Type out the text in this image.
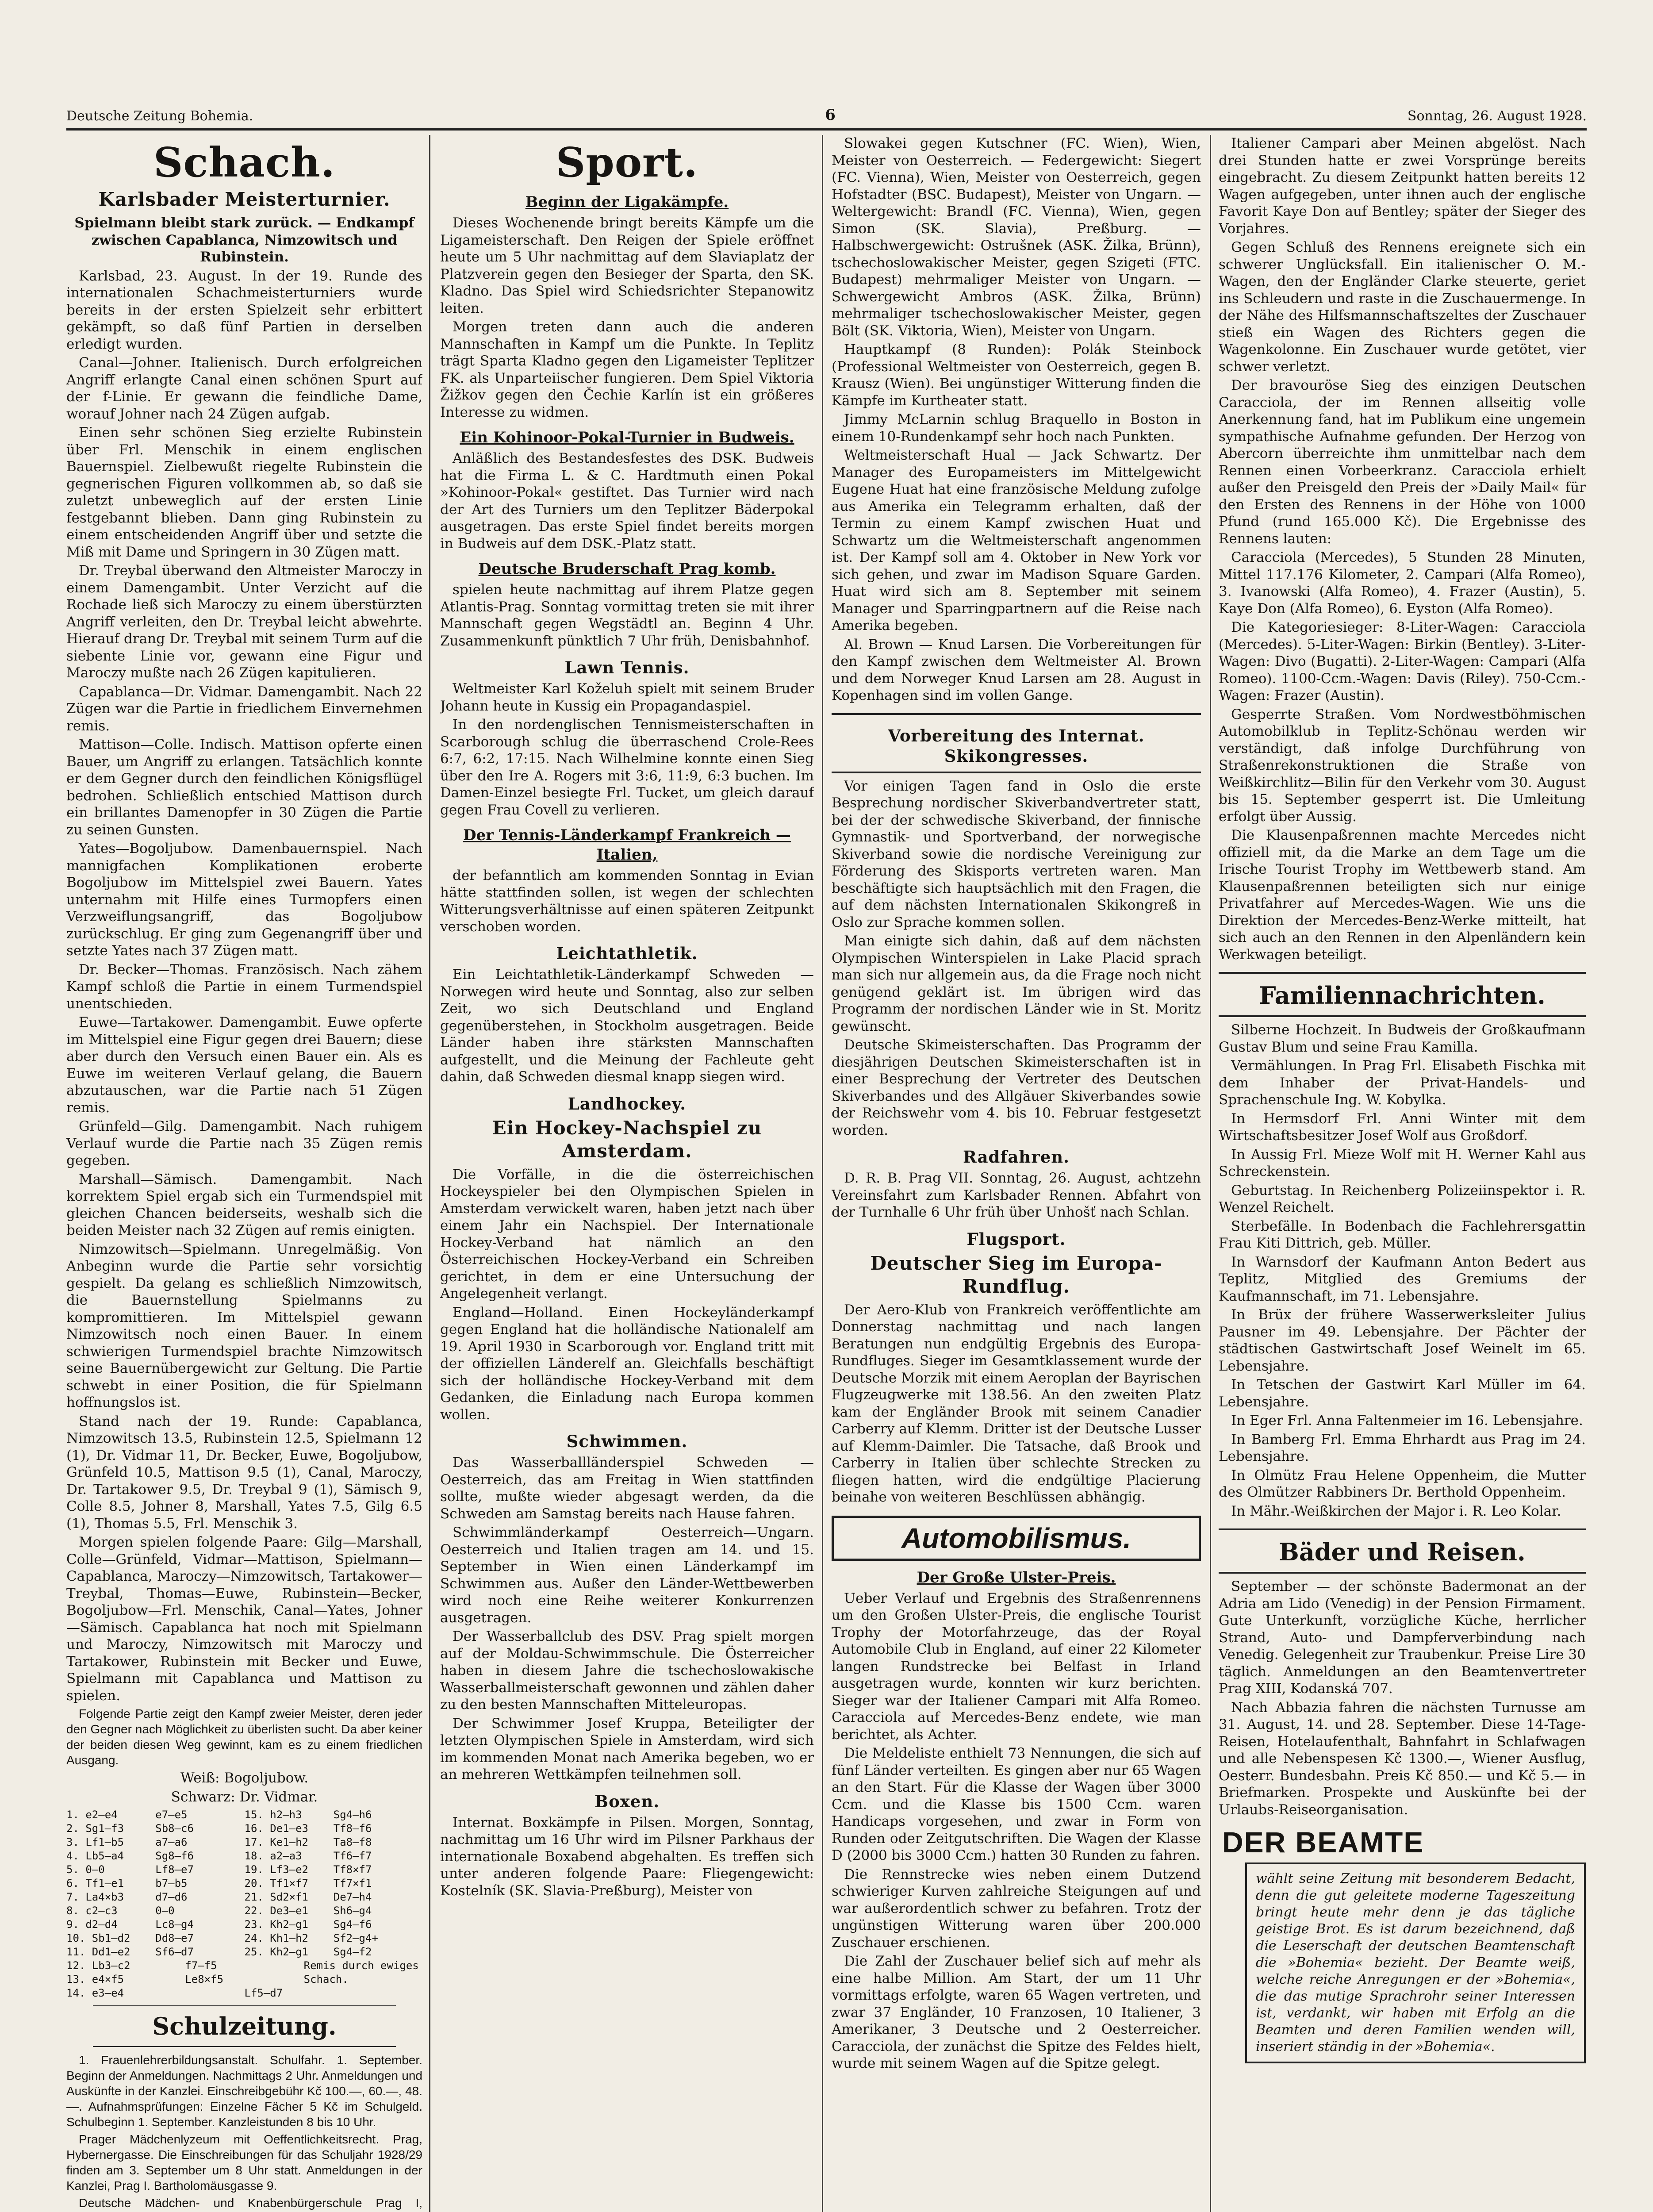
Deutsche Zeitung Bohemia.	6	Sonntag, 26. August 1928.
Schach.
Karlsbader Meisterturnier.

Spielmann bleibt stark zurück. — Endkampf zwischen Capablanca, Nimzowitsch und Rubinstein.

Karlsbad, 23. August. In der 19. Runde des internationalen Schachmeisterturniers wurde bereits in der ersten Spielzeit sehr erbittert gekämpft, so daß fünf Partien in derselben erledigt wurden.

Canal—Johner. Italienisch. Durch erfolgreichen Angriff erlangte Canal einen schönen Spurt auf der f-Linie. Er gewann die feindliche Dame, worauf Johner nach 24 Zügen aufgab.

Einen sehr schönen Sieg erzielte Rubinstein über Frl. Menschik in einem englischen Bauernspiel. Zielbewußt riegelte Rubinstein die gegnerischen Figuren vollkommen ab, so daß sie zuletzt unbeweglich auf der ersten Linie festgebannt blieben. Dann ging Rubinstein zu einem entscheidenden Angriff über und setzte die Miß mit Dame und Springern in 30 Zügen matt.

Dr. Treybal überwand den Altmeister Maroczy in einem Damengambit. Unter Verzicht auf die Rochade ließ sich Maroczy zu einem überstürzten Angriff verleiten, den Dr. Treybal leicht abwehrte. Hierauf drang Dr. Treybal mit seinem Turm auf die siebente Linie vor, gewann eine Figur und Maroczy mußte nach 26 Zügen kapitulieren.

Capablanca—Dr. Vidmar. Damengambit. Nach 22 Zügen war die Partie in friedlichem Einvernehmen remis.

Mattison—Colle. Indisch. Mattison opferte einen Bauer, um Angriff zu erlangen. Tatsächlich konnte er dem Gegner durch den feindlichen Königsflügel bedrohen. Schließlich entschied Mattison durch ein brillantes Damenopfer in 30 Zügen die Partie zu seinen Gunsten.

Yates—Bogoljubow. Damenbauernspiel. Nach mannigfachen Komplikationen eroberte Bogoljubow im Mittelspiel zwei Bauern. Yates unternahm mit Hilfe eines Turmopfers einen Verzweiflungsangriff, das Bogoljubow zurückschlug. Er ging zum Gegenangriff über und setzte Yates nach 37 Zügen matt.

Dr. Becker—Thomas. Französisch. Nach zähem Kampf schloß die Partie in einem Turmendspiel unentschieden.

Euwe—Tartakower. Damengambit. Euwe opferte im Mittelspiel eine Figur gegen drei Bauern; diese aber durch den Versuch einen Bauer ein. Als es Euwe im weiteren Verlauf gelang, die Bauern abzutauschen, war die Partie nach 51 Zügen remis.

Grünfeld—Gilg. Damengambit. Nach ruhigem Verlauf wurde die Partie nach 35 Zügen remis gegeben.

Marshall—Sämisch. Damengambit. Nach korrektem Spiel ergab sich ein Turmendspiel mit gleichen Chancen beiderseits, weshalb sich die beiden Meister nach 32 Zügen auf remis einigten.

Nimzowitsch—Spielmann. Unregelmäßig. Von Anbeginn wurde die Partie sehr vorsichtig gespielt. Da gelang es schließlich Nimzowitsch, die Bauernstellung Spielmanns zu kompromittieren. Im Mittelspiel gewann Nimzowitsch noch einen Bauer. In einem schwierigen Turmendspiel brachte Nimzowitsch seine Bauernübergewicht zur Geltung. Die Partie schwebt in einer Position, die für Spielmann hoffnungslos ist.

Stand nach der 19. Runde: Capablanca, Nimzowitsch 13.5, Rubinstein 12.5, Spielmann 12 (1), Dr. Vidmar 11, Dr. Becker, Euwe, Bogoljubow, Grünfeld 10.5, Mattison 9.5 (1), Canal, Maroczy, Dr. Tartakower 9.5, Dr. Treybal 9 (1), Sämisch 9, Colle 8.5, Johner 8, Marshall, Yates 7.5, Gilg 6.5 (1), Thomas 5.5, Frl. Menschik 3.

Morgen spielen folgende Paare: Gilg—Marshall, Colle—Grünfeld, Vidmar—Mattison, Spielmann—Capablanca, Maroczy—Nimzowitsch, Tartakower—Treybal, Thomas—Euwe, Rubinstein—Becker, Bogoljubow—Frl. Menschik, Canal—Yates, Johner—Sämisch. Capablanca hat noch mit Spielmann und Maroczy, Nimzowitsch mit Maroczy und Tartakower, Rubinstein mit Becker und Euwe, Spielmann mit Capablanca und Mattison zu spielen.

Folgende Partie zeigt den Kampf zweier Meister, deren jeder den Gegner nach Möglichkeit zu überlisten sucht. Da aber keiner der beiden diesen Weg gewinnt, kam es zu einem friedlichen Ausgang.

Weiß: Bogoljubow.

Schwarz: Dr. Vidmar.

1. e2—e4	e7—e5	15. h2—h3	Sg4—h6
2. Sg1—f3	Sb8—c6	16. De1—e3	Tf8—f6
3. Lf1—b5	a7—a6	17. Ke1—h2	Ta8—f8
4. Lb5—a4	Sg8—f6	18. a2—a3	Tf6—f7
5. 0—0	Lf8—e7	19. Lf3—e2	Tf8×f7
6. Tf1—e1	b7—b5	20. Tf1×f7	Tf7×f1
7. La4×b3	d7—d6	21. Sd2×f1	De7—h4
8. c2—c3	0—0	22. De3—e1	Sh6—g4
9. d2—d4	Lc8—g4	23. Kh2—g1	Sg4—f6
10. Sb1—d2	Dd8—e7	24. Kh1—h2	Sf2—g4+
11. Dd1—e2	Sf6—d7	25. Kh2—g1	Sg4—f2
12. Lb3—c2	f7—f5	Remis durch ewiges
13. e4×f5	Le8×f5	Schach.
14. e3—e4	Lf5—d7
Schulzeitung.

1. Frauenlehrerbildungsanstalt. Schulfahr. 1. September. Beginn der Anmeldungen. Nachmittags 2 Uhr. Anmeldungen und Auskünfte in der Kanzlei. Einschreibgebühr Kč 100.—, 60.—, 48.—. Aufnahmsprüfungen: Einzelne Fächer 5 Kč im Schulgeld. Schulbeginn 1. September. Kanzleistunden 8 bis 10 Uhr.

Prager Mädchenlyzeum mit Oeffentlichkeitsrecht. Prag, Hybernergasse. Die Einschreibungen für das Schuljahr 1928/29 finden am 3. September um 8 Uhr statt. Anmeldungen in der Kanzlei, Prag I. Bartholomäusgasse 9.

Deutsche Mädchen- und Knabenbürgerschule Prag I,

Sport.
Beginn der Ligakämpfe.

Dieses Wochenende bringt bereits Kämpfe um die Ligameisterschaft. Den Reigen der Spiele eröffnet heute um 5 Uhr nachmittag auf dem Slaviaplatz der Platzverein gegen den Besieger der Sparta, den SK. Kladno. Das Spiel wird Schiedsrichter Stepanowitz leiten.

Morgen treten dann auch die anderen Mannschaften in Kampf um die Punkte. In Teplitz trägt Sparta Kladno gegen den Ligameister Teplitzer FK. als Unparteiischer fungieren. Dem Spiel Viktoria Žižkov gegen den Čechie Karlín ist ein größeres Interesse zu widmen.

Ein Kohinoor-Pokal-Turnier in Budweis.

Anläßlich des Bestandesfestes des DSK. Budweis hat die Firma L. & C. Hardtmuth einen Pokal »Kohinoor-Pokal« gestiftet. Das Turnier wird nach der Art des Turniers um den Teplitzer Bäderpokal ausgetragen. Das erste Spiel findet bereits morgen in Budweis auf dem DSK.-Platz statt.

Deutsche Bruderschaft Prag komb.

spielen heute nachmittag auf ihrem Platze gegen Atlantis-Prag. Sonntag vormittag treten sie mit ihrer Mannschaft gegen Wegstädtl an. Beginn 4 Uhr. Zusammenkunft pünktlich 7 Uhr früh, Denisbahnhof.

Lawn Tennis.

Weltmeister Karl Koželuh spielt mit seinem Bruder Johann heute in Kussig ein Propagandaspiel.

In den nordenglischen Tennismeisterschaften in Scarborough schlug die überraschend Crole-Rees 6:7, 6:2, 17:15. Nach Wilhelmine konnte einen Sieg über den Ire A. Rogers mit 3:6, 11:9, 6:3 buchen. Im Damen-Einzel besiegte Frl. Tucket, um gleich darauf gegen Frau Covell zu verlieren.

Der Tennis-Länderkampf Frankreich — Italien,

der befanntlich am kommenden Sonntag in Evian hätte stattfinden sollen, ist wegen der schlechten Witterungsverhältnisse auf einen späteren Zeitpunkt verschoben worden.

Leichtathletik.

Ein Leichtathletik-Länderkampf Schweden — Norwegen wird heute und Sonntag, also zur selben Zeit, wo sich Deutschland und England gegenüberstehen, in Stockholm ausgetragen. Beide Länder haben ihre stärksten Mannschaften aufgestellt, und die Meinung der Fachleute geht dahin, daß Schweden diesmal knapp siegen wird.

Landhockey.
Ein Hockey-Nachspiel zu Amsterdam.

Die Vorfälle, in die die österreichischen Hockeyspieler bei den Olympischen Spielen in Amsterdam verwickelt waren, haben jetzt nach über einem Jahr ein Nachspiel. Der Internationale Hockey-Verband hat nämlich an den Österreichischen Hockey-Verband ein Schreiben gerichtet, in dem er eine Untersuchung der Angelegenheit verlangt.

England—Holland. Einen Hockeyländerkampf gegen England hat die holländische Nationalelf am 19. April 1930 in Scarborough vor. England tritt mit der offiziellen Länderelf an. Gleichfalls beschäftigt sich der holländische Hockey-Verband mit dem Gedanken, die Einladung nach Europa kommen wollen.

Schwimmen.

Das Wasserballländerspiel Schweden — Oesterreich, das am Freitag in Wien stattfinden sollte, mußte wieder abgesagt werden, da die Schweden am Samstag bereits nach Hause fahren.

Schwimmländerkampf Oesterreich—Ungarn. Oesterreich und Italien tragen am 14. und 15. September in Wien einen Länderkampf im Schwimmen aus. Außer den Länder-Wettbewerben wird noch eine Reihe weiterer Konkurrenzen ausgetragen.

Der Wasserballclub des DSV. Prag spielt morgen auf der Moldau-Schwimmschule. Die Österreicher haben in diesem Jahre die tschechoslowakische Wasserballmeisterschaft gewonnen und zählen daher zu den besten Mannschaften Mitteleuropas.

Der Schwimmer Josef Kruppa, Beteiligter der letzten Olympischen Spiele in Amsterdam, wird sich im kommenden Monat nach Amerika begeben, wo er an mehreren Wettkämpfen teilnehmen soll.

Boxen.

Internat. Boxkämpfe in Pilsen. Morgen, Sonntag, nachmittag um 16 Uhr wird im Pilsner Parkhaus der internationale Boxabend abgehalten. Es treffen sich unter anderen folgende Paare: Fliegengewicht: Kostelník (SK. Slavia-Preßburg), Meister von

Slowakei gegen Kutschner (FC. Wien), Wien, Meister von Oesterreich. — Federgewicht: Siegert (FC. Vienna), Wien, Meister von Oesterreich, gegen Hofstadter (BSC. Budapest), Meister von Ungarn. — Weltergewicht: Brandl (FC. Vienna), Wien, gegen Simon (SK. Slavia), Preßburg. — Halbschwergewicht: Ostrušnek (ASK. Žilka, Brünn), tschechoslowakischer Meister, gegen Szigeti (FTC. Budapest) mehrmaliger Meister von Ungarn. — Schwergewicht Ambros (ASK. Žilka, Brünn) mehrmaliger tschechoslowakischer Meister, gegen Bölt (SK. Viktoria, Wien), Meister von Ungarn.

Hauptkampf (8 Runden): Polák Steinbock (Professional Weltmeister von Oesterreich, gegen B. Krausz (Wien). Bei ungünstiger Witterung finden die Kämpfe im Kurtheater statt.

Jimmy McLarnin schlug Braquello in Boston in einem 10-Rundenkampf sehr hoch nach Punkten.

Weltmeisterschaft Hual — Jack Schwartz. Der Manager des Europameisters im Mittelgewicht Eugene Huat hat eine französische Meldung zufolge aus Amerika ein Telegramm erhalten, daß der Termin zu einem Kampf zwischen Huat und Schwartz um die Weltmeisterschaft angenommen ist. Der Kampf soll am 4. Oktober in New York vor sich gehen, und zwar im Madison Square Garden. Huat wird sich am 8. September mit seinem Manager und Sparringpartnern auf die Reise nach Amerika begeben.

Al. Brown — Knud Larsen. Die Vorbereitungen für den Kampf zwischen dem Weltmeister Al. Brown und dem Norweger Knud Larsen am 28. August in Kopenhagen sind im vollen Gange.

Vorbereitung des Internat. Skikongresses.

Vor einigen Tagen fand in Oslo die erste Besprechung nordischer Skiverbandvertreter statt, bei der der schwedische Skiverband, der finnische Gymnastik- und Sportverband, der norwegische Skiverband sowie die nordische Vereinigung zur Förderung des Skisports vertreten waren. Man beschäftigte sich hauptsächlich mit den Fragen, die auf dem nächsten Internationalen Skikongreß in Oslo zur Sprache kommen sollen.

Man einigte sich dahin, daß auf dem nächsten Olympischen Winterspielen in Lake Placid sprach man sich nur allgemein aus, da die Frage noch nicht genügend geklärt ist. Im übrigen wird das Programm der nordischen Länder wie in St. Moritz gewünscht.

Deutsche Skimeisterschaften. Das Programm der diesjährigen Deutschen Skimeisterschaften ist in einer Besprechung der Vertreter des Deutschen Skiverbandes und des Allgäuer Skiverbandes sowie der Reichswehr vom 4. bis 10. Februar festgesetzt worden.

Radfahren.

D. R. B. Prag VII. Sonntag, 26. August, achtzehn Vereinsfahrt zum Karlsbader Rennen. Abfahrt von der Turnhalle 6 Uhr früh über Unhošť nach Schlan.

Flugsport.
Deutscher Sieg im Europa-Rundflug.

Der Aero-Klub von Frankreich veröffentlichte am Donnerstag nachmittag und nach langen Beratungen nun endgültig Ergebnis des Europa-Rundfluges. Sieger im Gesamtklassement wurde der Deutsche Morzik mit einem Aeroplan der Bayrischen Flugzeugwerke mit 138.56. An den zweiten Platz kam der Engländer Brook mit seinem Canadier Carberry auf Klemm. Dritter ist der Deutsche Lusser auf Klemm-Daimler. Die Tatsache, daß Brook und Carberry in Italien über schlechte Strecken zu fliegen hatten, wird die endgültige Placierung beinahe von weiteren Beschlüssen abhängig.

Automobilismus.
Der Große Ulster-Preis.

Ueber Verlauf und Ergebnis des Straßenrennens um den Großen Ulster-Preis, die englische Tourist Trophy der Motorfahrzeuge, das der Royal Automobile Club in England, auf einer 22 Kilometer langen Rundstrecke bei Belfast in Irland ausgetragen wurde, konnten wir kurz berichten. Sieger war der Italiener Campari mit Alfa Romeo. Caracciola auf Mercedes-Benz endete, wie man berichtet, als Achter.

Die Meldeliste enthielt 73 Nennungen, die sich auf fünf Länder verteilten. Es gingen aber nur 65 Wagen an den Start. Für die Klasse der Wagen über 3000 Ccm. und die Klasse bis 1500 Ccm. waren Handicaps vorgesehen, und zwar in Form von Runden oder Zeitgutschriften. Die Wagen der Klasse D (2000 bis 3000 Ccm.) hatten 30 Runden zu fahren.

Die Rennstrecke wies neben einem Dutzend schwieriger Kurven zahlreiche Steigungen auf und war außerordentlich schwer zu befahren. Trotz der ungünstigen Witterung waren über 200.000 Zuschauer erschienen.

Die Zahl der Zuschauer belief sich auf mehr als eine halbe Million. Am Start, der um 11 Uhr vormittags erfolgte, waren 65 Wagen vertreten, und zwar 37 Engländer, 10 Franzosen, 10 Italiener, 3 Amerikaner, 3 Deutsche und 2 Oesterreicher. Caracciola, der zunächst die Spitze des Feldes hielt, wurde mit seinem Wagen auf die Spitze gelegt.

Italiener Campari aber Meinen abgelöst. Nach drei Stunden hatte er zwei Vorsprünge bereits eingebracht. Zu diesem Zeitpunkt hatten bereits 12 Wagen aufgegeben, unter ihnen auch der englische Favorit Kaye Don auf Bentley; später der Sieger des Vorjahres.

Gegen Schluß des Rennens ereignete sich ein schwerer Unglücksfall. Ein italienischer O. M.-Wagen, den der Engländer Clarke steuerte, geriet ins Schleudern und raste in die Zuschauermenge. In der Nähe des Hilfsmannschaftszeltes der Zuschauer stieß ein Wagen des Richters gegen die Wagenkolonne. Ein Zuschauer wurde getötet, vier schwer verletzt.

Der bravouröse Sieg des einzigen Deutschen Caracciola, der im Rennen allseitig volle Anerkennung fand, hat im Publikum eine ungemein sympathische Aufnahme gefunden. Der Herzog von Abercorn überreichte ihm unmittelbar nach dem Rennen einen Vorbeerkranz. Caracciola erhielt außer den Preisgeld den Preis der »Daily Mail« für den Ersten des Rennens in der Höhe von 1000 Pfund (rund 165.000 Kč). Die Ergebnisse des Rennens lauten:

Caracciola (Mercedes), 5 Stunden 28 Minuten, Mittel 117.176 Kilometer, 2. Campari (Alfa Romeo), 3. Ivanowski (Alfa Romeo), 4. Frazer (Austin), 5. Kaye Don (Alfa Romeo), 6. Eyston (Alfa Romeo).

Die Kategoriesieger: 8-Liter-Wagen: Caracciola (Mercedes). 5-Liter-Wagen: Birkin (Bentley). 3-Liter-Wagen: Divo (Bugatti). 2-Liter-Wagen: Campari (Alfa Romeo). 1100-Ccm.-Wagen: Davis (Riley). 750-Ccm.-Wagen: Frazer (Austin).

Gesperrte Straßen. Vom Nordwestböhmischen Automobilklub in Teplitz-Schönau werden wir verständigt, daß infolge Durchführung von Straßenrekonstruktionen die Straße von Weißkirchlitz—Bilin für den Verkehr vom 30. August bis 15. September gesperrt ist. Die Umleitung erfolgt über Aussig.

Die Klausenpaßrennen machte Mercedes nicht offiziell mit, da die Marke an dem Tage um die Irische Tourist Trophy im Wettbewerb stand. Am Klausenpaßrennen beteiligten sich nur einige Privatfahrer auf Mercedes-Wagen. Wie uns die Direktion der Mercedes-Benz-Werke mitteilt, hat sich auch an den Rennen in den Alpenländern kein Werkwagen beteiligt.

Familiennachrichten.

Silberne Hochzeit. In Budweis der Großkaufmann Gustav Blum und seine Frau Kamilla.

Vermählungen. In Prag Frl. Elisabeth Fischka mit dem Inhaber der Privat-Handels- und Sprachenschule Ing. W. Kobylka.

In Hermsdorf Frl. Anni Winter mit dem Wirtschaftsbesitzer Josef Wolf aus Großdorf.

In Aussig Frl. Mieze Wolf mit H. Werner Kahl aus Schreckenstein.

Geburtstag. In Reichenberg Polizeiinspektor i. R. Wenzel Reichelt.

Sterbefälle. In Bodenbach die Fachlehrersgattin Frau Kiti Dittrich, geb. Müller.

In Warnsdorf der Kaufmann Anton Bedert aus Teplitz, Mitglied des Gremiums der Kaufmannschaft, im 71. Lebensjahre.

In Brüx der frühere Wasserwerksleiter Julius Pausner im 49. Lebensjahre. Der Pächter der städtischen Gastwirtschaft Josef Weinelt im 65. Lebensjahre.

In Tetschen der Gastwirt Karl Müller im 64. Lebensjahre.

In Eger Frl. Anna Faltenmeier im 16. Lebensjahre.

In Bamberg Frl. Emma Ehrhardt aus Prag im 24. Lebensjahre.

In Olmütz Frau Helene Oppenheim, die Mutter des Olmützer Rabbiners Dr. Berthold Oppenheim.

In Mähr.-Weißkirchen der Major i. R. Leo Kolar.

Bäder und Reisen.

September — der schönste Badermonat an der Adria am Lido (Venedig) in der Pension Firmament. Gute Unterkunft, vorzügliche Küche, herrlicher Strand, Auto- und Dampferverbindung nach Venedig. Gelegenheit zur Traubenkur. Preise Lire 30 täglich. Anmeldungen an den Beamtenvertreter Prag XIII, Kodanská 707.

Nach Abbazia fahren die nächsten Turnusse am 31. August, 14. und 28. September. Diese 14-Tage-Reisen, Hotelaufenthalt, Bahnfahrt in Schlafwagen und alle Nebenspesen Kč 1300.—, Wiener Ausflug, Oesterr. Bundesbahn. Preis Kč 850.— und Kč 5.— in Briefmarken. Prospekte und Auskünfte bei der Urlaubs-Reiseorganisation.

DER BEAMTE
wählt seine Zeitung mit besonderem Bedacht, denn die gut geleitete moderne Tageszeitung bringt heute mehr denn je das tägliche geistige Brot. Es ist darum bezeichnend, daß die Leserschaft der deutschen Beamtenschaft die »Bohemia« bezieht. Der Beamte weiß, welche reiche Anregungen er der »Bohemia«, die das mutige Sprachrohr seiner Interessen ist, verdankt, wir haben mit Erfolg an die Beamten und deren Familien wenden will, inseriert ständig in der »Bohemia«.
